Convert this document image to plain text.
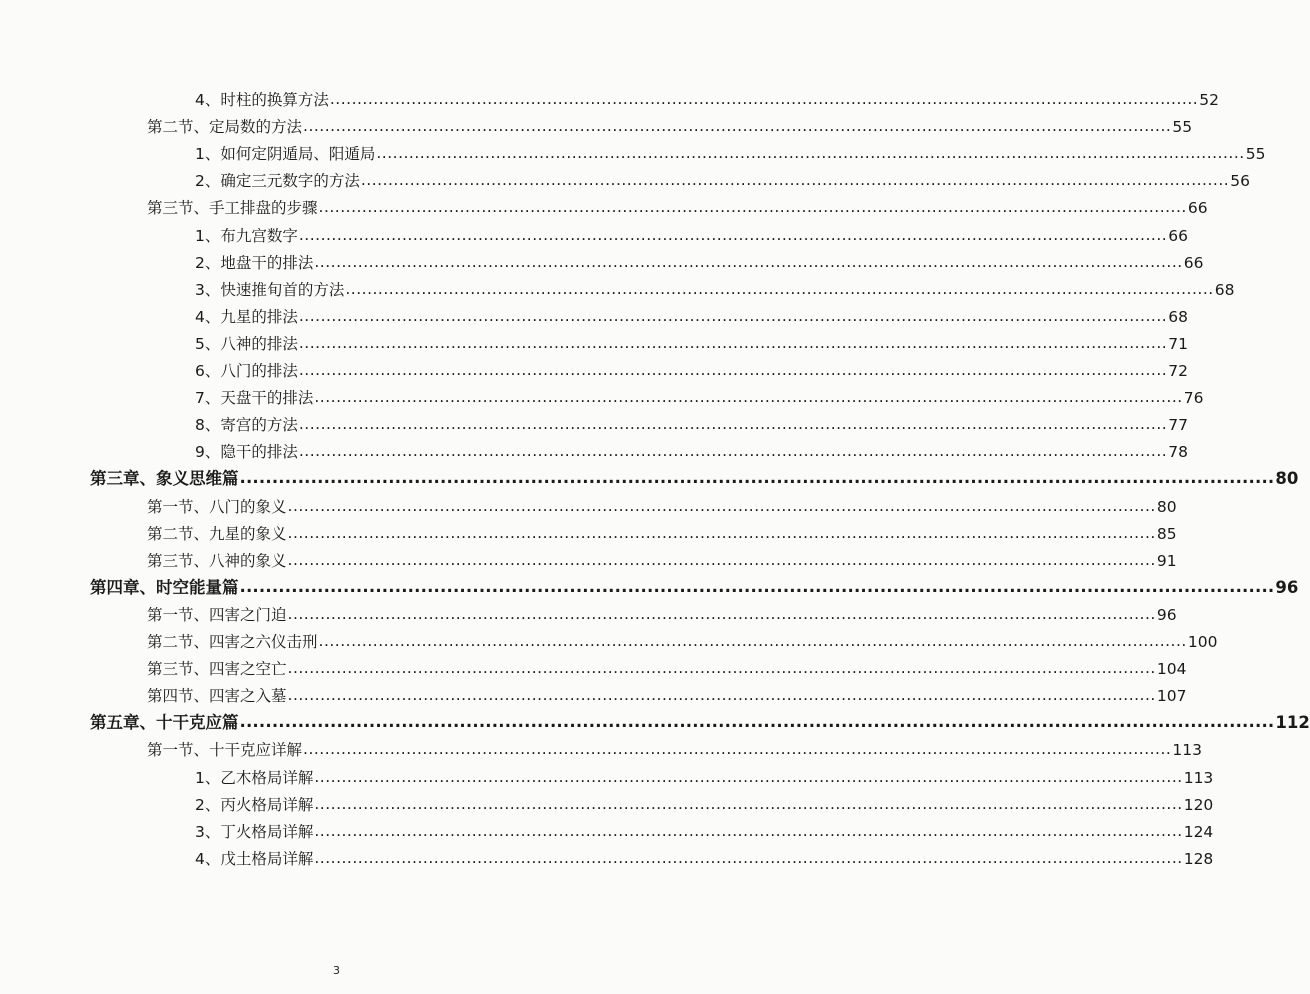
4、时柱的换算方法 ................................................................................................................................................................ 52
第二节、定局数的方法 ................................................................................................................................................................ 55
1、如何定阴遁局、阳遁局 ................................................................................................................................................................ 55
2、确定三元数字的方法 ................................................................................................................................................................ 56
第三节、手工排盘的步骤 ................................................................................................................................................................ 66
1、布九宫数字 ................................................................................................................................................................ 66
2、地盘干的排法 ................................................................................................................................................................ 66
3、快速推旬首的方法 ................................................................................................................................................................ 68
4、九星的排法 ................................................................................................................................................................ 68
5、八神的排法 ................................................................................................................................................................ 71
6、八门的排法 ................................................................................................................................................................ 72
7、天盘干的排法 ................................................................................................................................................................ 76
8、寄宫的方法 ................................................................................................................................................................ 77
9、隐干的排法 ................................................................................................................................................................ 78
第三章、象义思维篇 ................................................................................................................................................................ 80
第一节、八门的象义 ................................................................................................................................................................ 80
第二节、九星的象义 ................................................................................................................................................................ 85
第三节、八神的象义 ................................................................................................................................................................ 91
第四章、时空能量篇 ................................................................................................................................................................ 96
第一节、四害之门迫 ................................................................................................................................................................ 96
第二节、四害之六仪击刑 ................................................................................................................................................................ 100
第三节、四害之空亡 ................................................................................................................................................................ 104
第四节、四害之入墓 ................................................................................................................................................................ 107
第五章、十干克应篇 ................................................................................................................................................................ 112
第一节、十干克应详解 ................................................................................................................................................................ 113
1、乙木格局详解 ................................................................................................................................................................ 113
2、丙火格局详解 ................................................................................................................................................................ 120
3、丁火格局详解 ................................................................................................................................................................ 124
4、戊土格局详解 ................................................................................................................................................................ 128
3
